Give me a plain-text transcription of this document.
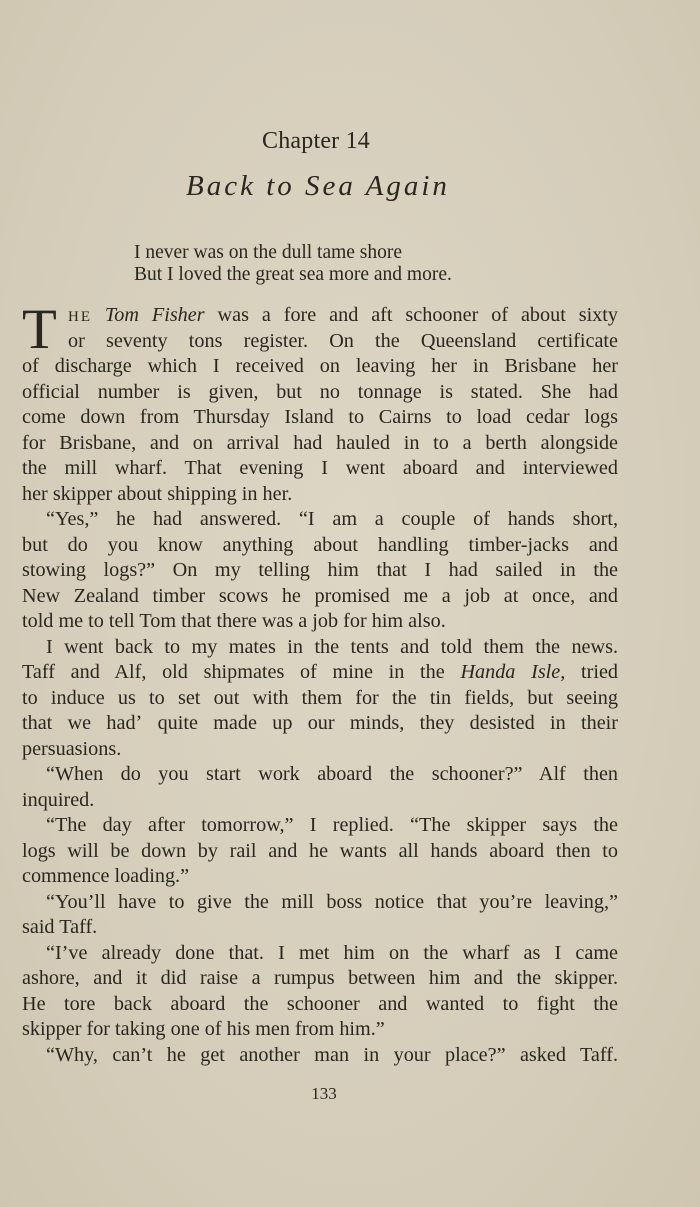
Chapter 14
Back to Sea Again
I never was on the dull tame shore
But I loved the great sea more and more.
T HE Tom Fisher was a fore and aft schooner of about sixty
or seventy tons register. On the Queensland certificate
of discharge which I received on leaving her in Brisbane her
official number is given, but no tonnage is stated. She had
come down from Thursday Island to Cairns to load cedar logs
for Brisbane, and on arrival had hauled in to a berth alongside
the mill wharf. That evening I went aboard and interviewed
her skipper about shipping in her.
“Yes,” he had answered. “I am a couple of hands short,
but do you know anything about handling timber-jacks and
stowing logs?” On my telling him that I had sailed in the
New Zealand timber scows he promised me a job at once, and
told me to tell Tom that there was a job for him also.
I went back to my mates in the tents and told them the news.
Taff and Alf, old shipmates of mine in the Handa Isle, tried
to induce us to set out with them for the tin fields, but seeing
that we hadʼ quite made up our minds, they desisted in their
persuasions.
“When do you start work aboard the schooner?” Alf then
inquired.
“The day after tomorrow,” I replied. “The skipper says the
logs will be down by rail and he wants all hands aboard then to
commence loading.”
“You’ll have to give the mill boss notice that you’re leaving,”
said Taff.
“I’ve already done that. I met him on the wharf as I came
ashore, and it did raise a rumpus between him and the skipper.
He tore back aboard the schooner and wanted to fight the
skipper for taking one of his men from him.”
“Why, can’t he get another man in your place?” asked Taff.
133
